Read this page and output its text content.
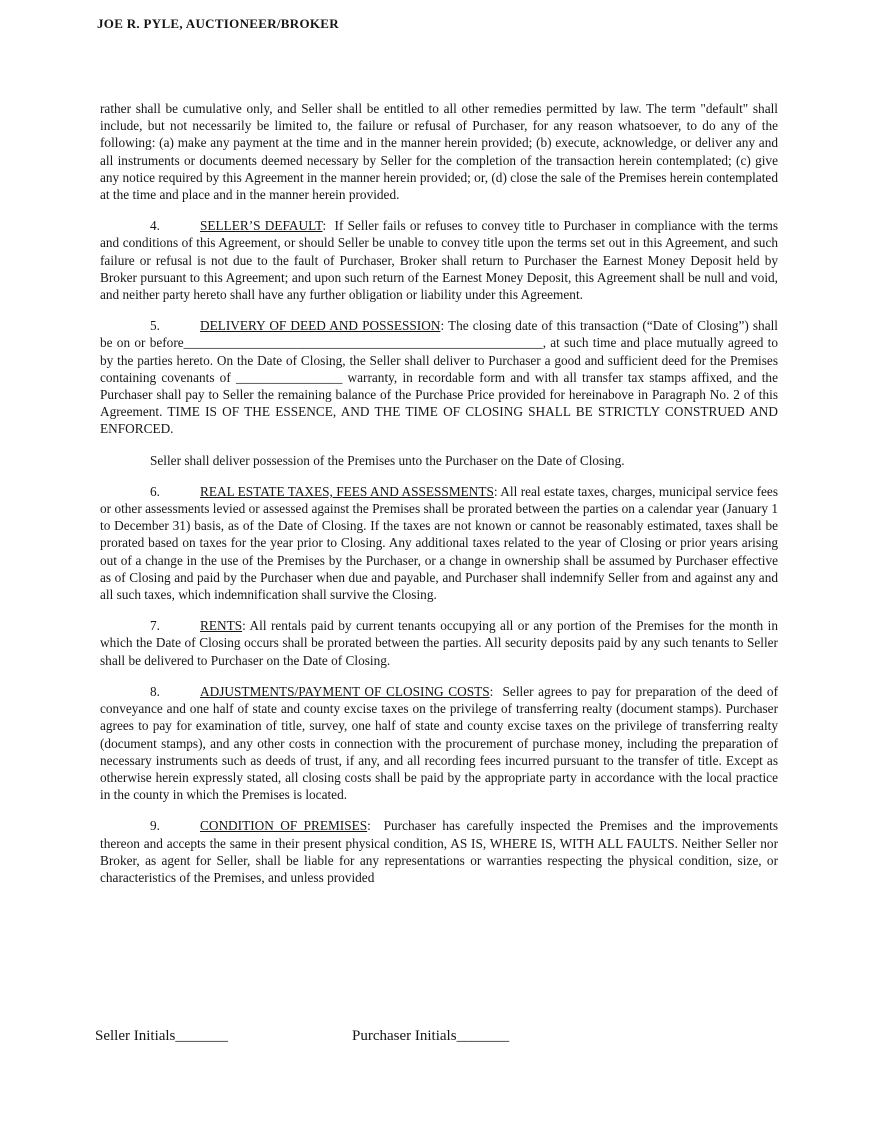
JOE R. PYLE, AUCTIONEER/BROKER

rather shall be cumulative only, and Seller shall be entitled to all other remedies permitted by law. The term "default" shall include, but not necessarily be limited to, the failure or refusal of Purchaser, for any reason whatsoever, to do any of the following: (a) make any payment at the time and in the manner herein provided; (b) execute, acknowledge, or deliver any and all instruments or documents deemed necessary by Seller for the completion of the transaction herein contemplated; (c) give any notice required by this Agreement in the manner herein provided; or, (d) close the sale of the Premises herein contemplated at the time and place and in the manner herein provided.

4.	SELLER’S DEFAULT:  If Seller fails or refuses to convey title to Purchaser in compliance with the terms and conditions of this Agreement, or should Seller be unable to convey title upon the terms set out in this Agreement, and such failure or refusal is not due to the fault of Purchaser, Broker shall return to Purchaser the Earnest Money Deposit held by Broker pursuant to this Agreement; and upon such return of the Earnest Money Deposit, this Agreement shall be null and void, and neither party hereto shall have any further obligation or liability under this Agreement.

5.	DELIVERY OF DEED AND POSSESSION: The closing date of this transaction (“Date of Closing”) shall be on or before______________________________________________________, at such time and place mutually agreed to by the parties hereto. On the Date of Closing, the Seller shall deliver to Purchaser a good and sufficient deed for the Premises containing covenants of ________________ warranty, in recordable form and with all transfer tax stamps affixed, and the Purchaser shall pay to Seller the remaining balance of the Purchase Price provided for hereinabove in Paragraph No. 2 of this Agreement. TIME IS OF THE ESSENCE, AND THE TIME OF CLOSING SHALL BE STRICTLY CONSTRUED AND ENFORCED.

Seller shall deliver possession of the Premises unto the Purchaser on the Date of Closing.

6.	REAL ESTATE TAXES, FEES AND ASSESSMENTS: All real estate taxes, charges, municipal service fees or other assessments levied or assessed against the Premises shall be prorated between the parties on a calendar year (January 1 to December 31) basis, as of the Date of Closing. If the taxes are not known or cannot be reasonably estimated, taxes shall be prorated based on taxes for the year prior to Closing. Any additional taxes related to the year of Closing or prior years arising out of a change in the use of the Premises by the Purchaser, or a change in ownership shall be assumed by Purchaser effective as of Closing and paid by the Purchaser when due and payable, and Purchaser shall indemnify Seller from and against any and all such taxes, which indemnification shall survive the Closing.

7.	RENTS: All rentals paid by current tenants occupying all or any portion of the Premises for the month in which the Date of Closing occurs shall be prorated between the parties. All security deposits paid by any such tenants to Seller shall be delivered to Purchaser on the Date of Closing.

8.	ADJUSTMENTS/PAYMENT OF CLOSING COSTS:  Seller agrees to pay for preparation of the deed of conveyance and one half of state and county excise taxes on the privilege of transferring realty (document stamps). Purchaser agrees to pay for examination of title, survey, one half of state and county excise taxes on the privilege of transferring realty (document stamps), and any other costs in connection with the procurement of purchase money, including the preparation of necessary instruments such as deeds of trust, if any, and all recording fees incurred pursuant to the transfer of title. Except as otherwise herein expressly stated, all closing costs shall be paid by the appropriate party in accordance with the local practice in the county in which the Premises is located.

9.	CONDITION OF PREMISES:  Purchaser has carefully inspected the Premises and the improvements thereon and accepts the same in their present physical condition, AS IS, WHERE IS, WITH ALL FAULTS. Neither Seller nor Broker, as agent for Seller, shall be liable for any representations or warranties respecting the physical condition, size, or characteristics of the Premises, and unless provided

Seller Initials_______	Purchaser Initials_______
